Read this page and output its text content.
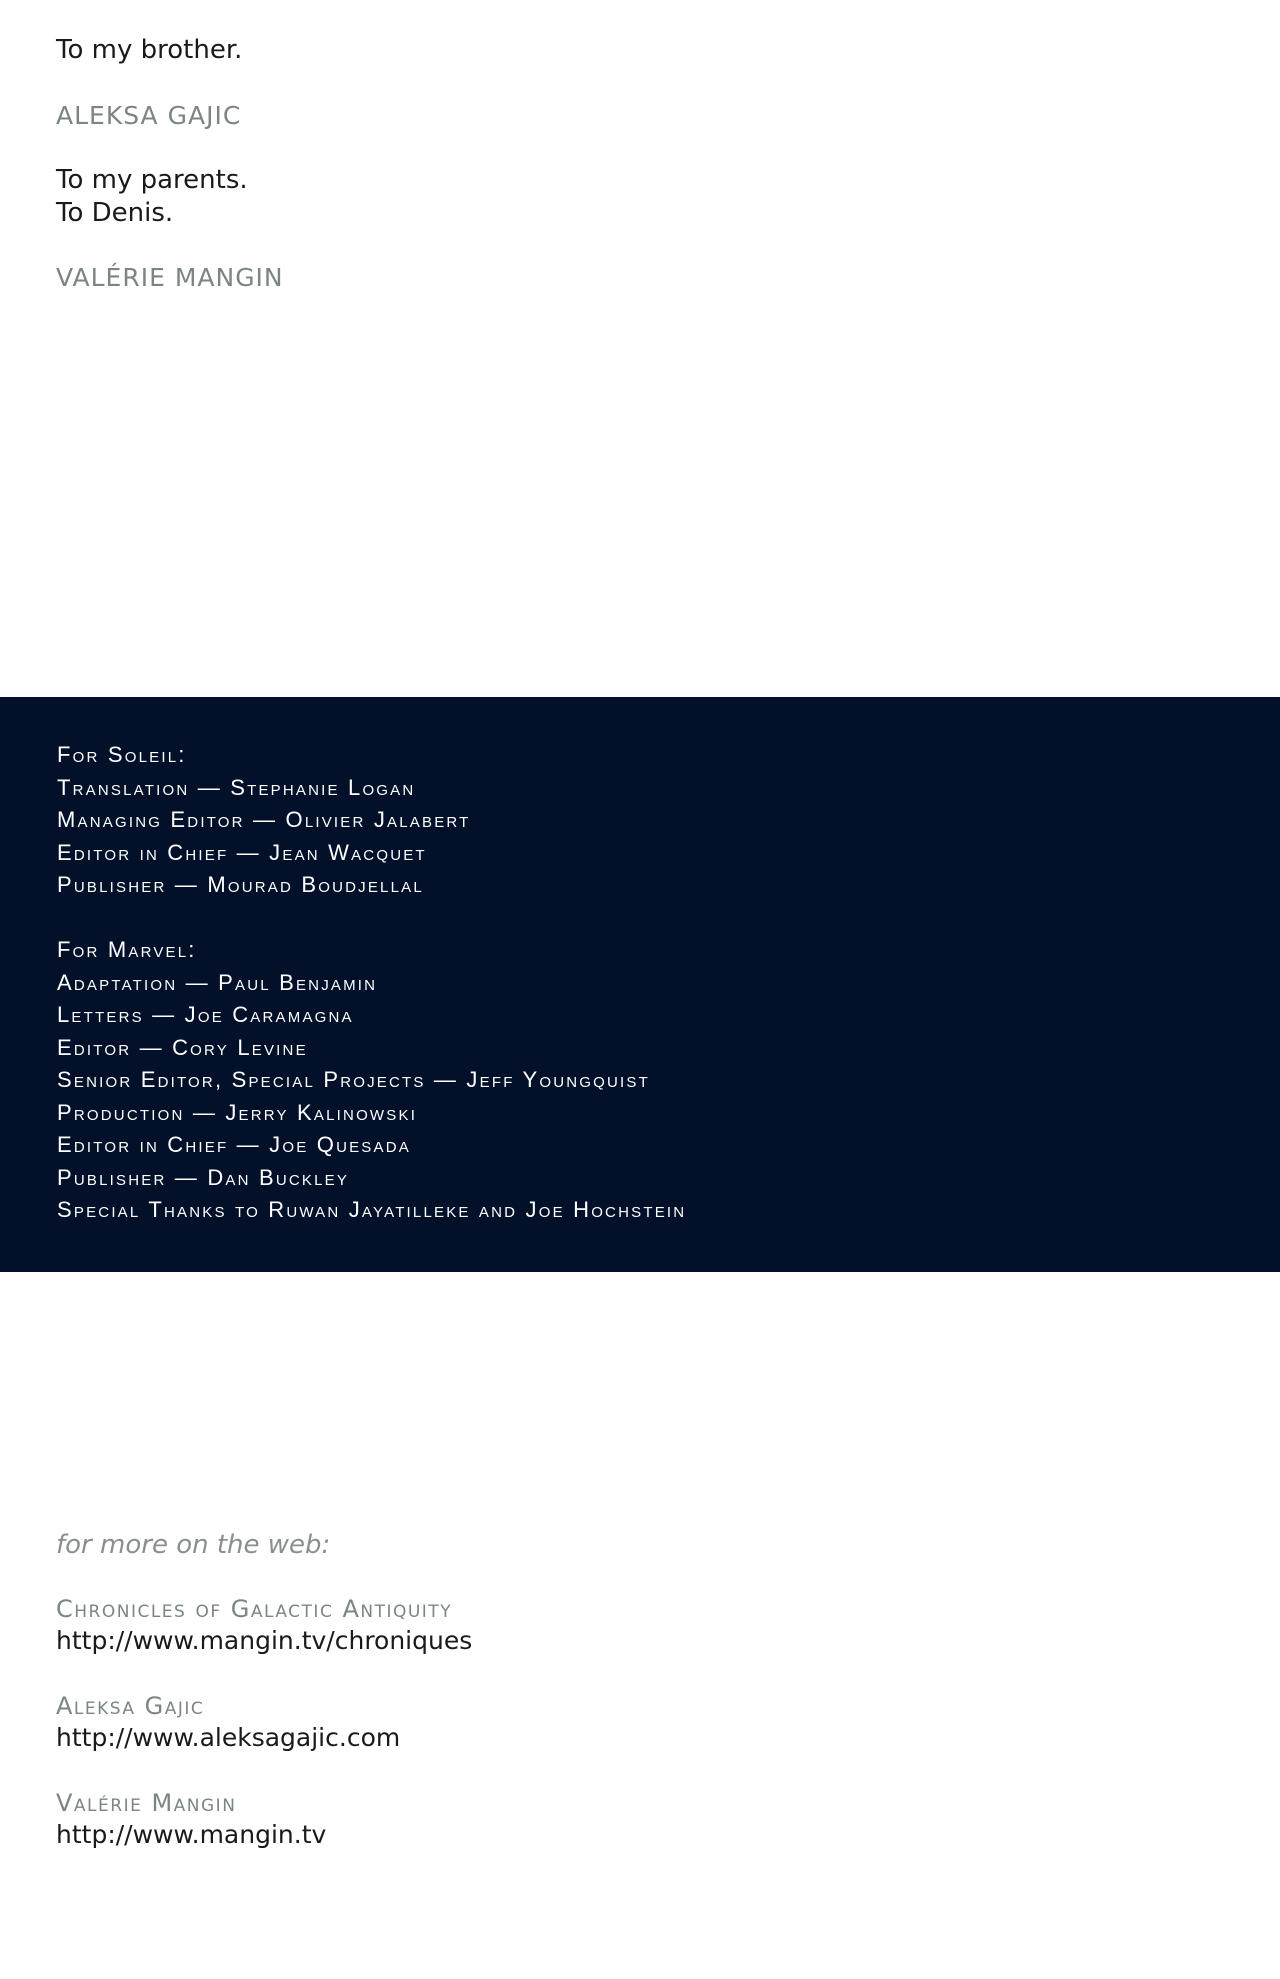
To my brother.

ALEKSA GAJIC

To my parents.

To Denis.

VALÉRIE MANGIN

For Soleil:
Translation — Stephanie Logan
Managing Editor — Olivier Jalabert
Editor in Chief — Jean Wacquet
Publisher — Mourad Boudjellal
For Marvel:
Adaptation — Paul Benjamin
Letters — Joe Caramagna
Editor — Cory Levine
Senior Editor, Special Projects — Jeff Youngquist
Production — Jerry Kalinowski
Editor in Chief — Joe Quesada
Publisher — Dan Buckley
Special Thanks to Ruwan Jayatilleke and Joe Hochstein

for more on the web:

Chronicles of Galactic Antiquity

http://www.mangin.tv/chroniques

Aleksa Gajic

http://www.aleksagajic.com

Valérie Mangin

http://www.mangin.tv
